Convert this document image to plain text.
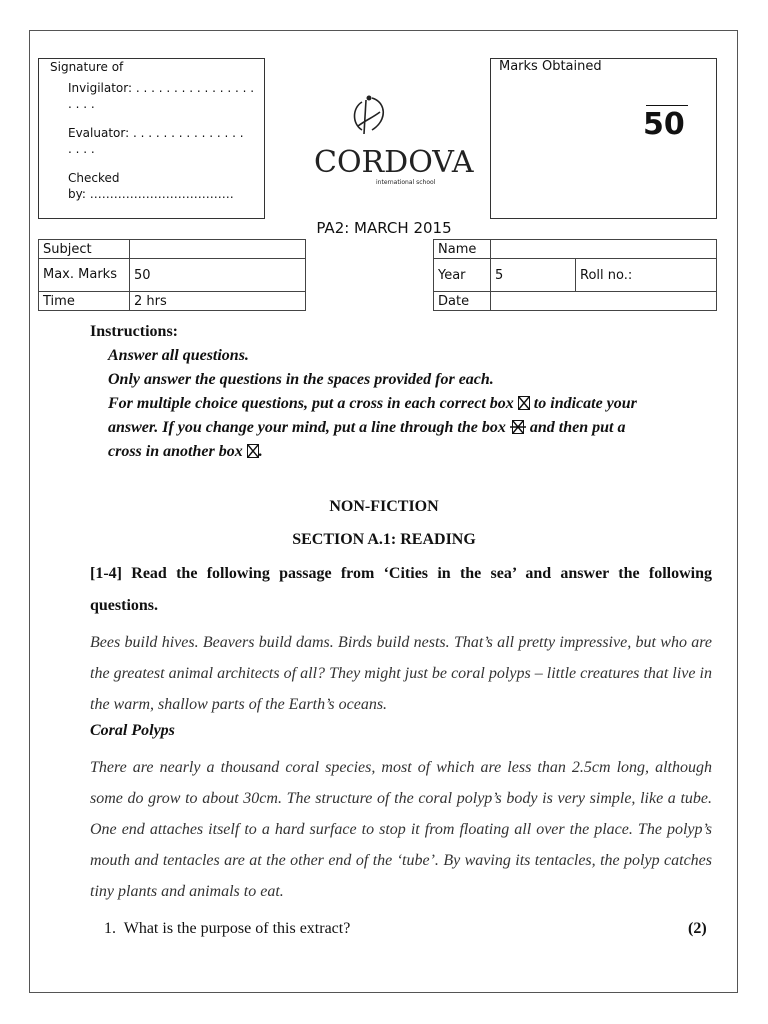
Signature of
Invigilator: . . . . . . . . . . . . . . . .
. . . .
Evaluator: . . . . . . . . . . . . . . .
. . . .
Checked
by: ………………………………
CORDOVA
international school
Marks Obtained
50
PA2: MARCH 2015
Subject	
Max. Marks	50
Time	2 hrs
Name		
Year	5	Roll no.:
Date		
Instructions:
Answer all questions.
Only answer the questions in the spaces provided for each.
For multiple choice questions, put a cross in each correct box ☒ to indicate your
answer. If you change your mind, put a line through the box and then put a
cross in another box ☒.
NON-FICTION
SECTION A.1: READING
[1-4] Read the following passage from ‘Cities in the sea’ and answer the following questions.
Bees build hives. Beavers build dams. Birds build nests. That’s all pretty impressive, but who are the greatest animal architects of all? They might just be coral polyps – little creatures that live in the warm, shallow parts of the Earth’s oceans.
Coral Polyps
There are nearly a thousand coral species, most of which are less than 2.5cm long, although some do grow to about 30cm. The structure of the coral polyp’s body is very simple, like a tube. One end attaches itself to a hard surface to stop it from floating all over the place. The polyp’s mouth and tentacles are at the other end of the ‘tube’. By waving its tentacles, the polyp catches tiny plants and animals to eat.
1. What is the purpose of this extract?	(2)
